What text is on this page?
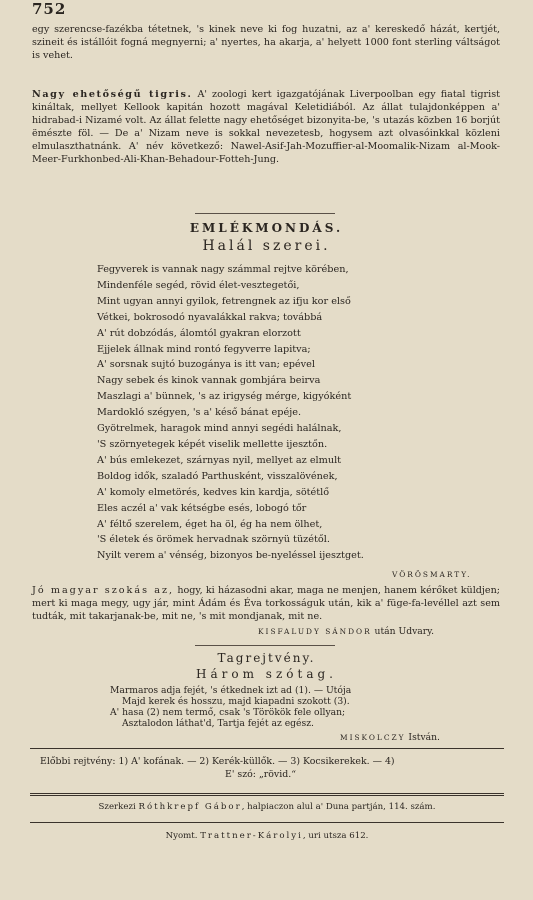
752
egy szerencse-fazékba tétetnek, 's kinek neve ki fog huzatni, az a' kereskedő házát, kertjét, szineit és istállóit fogná megnyerni; a' nyertes, ha akarja, a' helyett 1000 font sterling váltságot is vehet.
Nagy ehetőségű tigris. A' zoologi kert igazgatójának Liverpoolban egy fiatal tigrist kináltak, mellyet Kellook kapitán hozott magával Keletidiából. Az állat tulajdonképpen a' hidrabad-i Nizamé volt. Az állat felette nagy ehetőséget bizonyita-be, 's utazás közben 16 borjút ëmészte föl. — De a' Nizam neve is sokkal nevezetesb, hogysem azt olvasóinkkal közleni elmulaszthatnánk. A' név következő: Nawel-Asif-Jah-Mozuffier-al-Moomalik-Nizam al-Mook-Meer-Furkhonbed-Ali-Khan-Behadour-Fotteh-Jung.
EMLÉKMONDÁS.
Halál szerei.
Fegyverek is vannak nagy számmal rejtve körében,
Mindenféle segéd, rövid élet-vesztegetői,
Mint ugyan annyi gyilok, fetrengnek az ifju kor első
Vétkei, bokrosodó nyavalákkal rakva; továbbá
A' rút dobzódás, álomtól gyakran elorzott
Ejjelek állnak mind rontó fegyverre lapitva;
A' sorsnak sujtó buzogánya is itt van; epével
Nagy sebek és kinok vannak gombjára beirva
Maszlagi a' bünnek, 's az irigység mérge, kigyóként
Mardokló szégyen, 's a' késő bánat epéje.
Gyötrelmek, haragok mind annyi segédi halálnak,
'S szörnyetegek képét viselik mellette ijesztőn.
A' bús emlekezet, szárnyas nyil, mellyet az elmult
Boldog idők, szaladó Parthusként, visszalövének,
A' komoly elmetörés, kedves kin kardja, sötétlő
Eles aczél a' vak kétségbe esés, lobogó tőr
A' féltő szerelem, éget ha öl, ég ha nem ölhet,
'S életek és örömek hervadnak szörnyü tüzétől.
Nyilt verem a' vénség, bizonyos be-nyeléssel ijesztget.
VÖRÖSMARTY.
Jó magyar szokás az, hogy, ki házasodni akar, maga ne menjen, hanem kérőket küldjen; mert ki maga megy, ugy jár, mint Ádám és Éva torkosságuk után, kik a' füge-fa-levéllel azt sem tudták, mit takarjanak-be, mit ne, 's mit mondjanak, mit ne.
KISFALUDY SÁNDOR után Udvary.
Tagrejtvény.
Három szótag.
Marmaros adja fejét, 's étkednek izt ad (1). — Utója
Majd kerek és hosszu, majd kiapadni szokott (3).
A' hasa (2) nem termő, csak 's Törökök fele ollyan;
Asztalodon láthat'd, Tartja fejét az egész.
MISKOLCZY István.
Előbbi rejtvény: 1) A' kofának. — 2) Kerék-küllők. — 3) Kocsikerekek. — 4)
E' szó: „rövid.“
Szerkezi Róthkrepf Gábor, halpiaczon alul a' Duna partján, 114. szám.
Nyomt. Trattner-Károlyi, uri utsza 612.
